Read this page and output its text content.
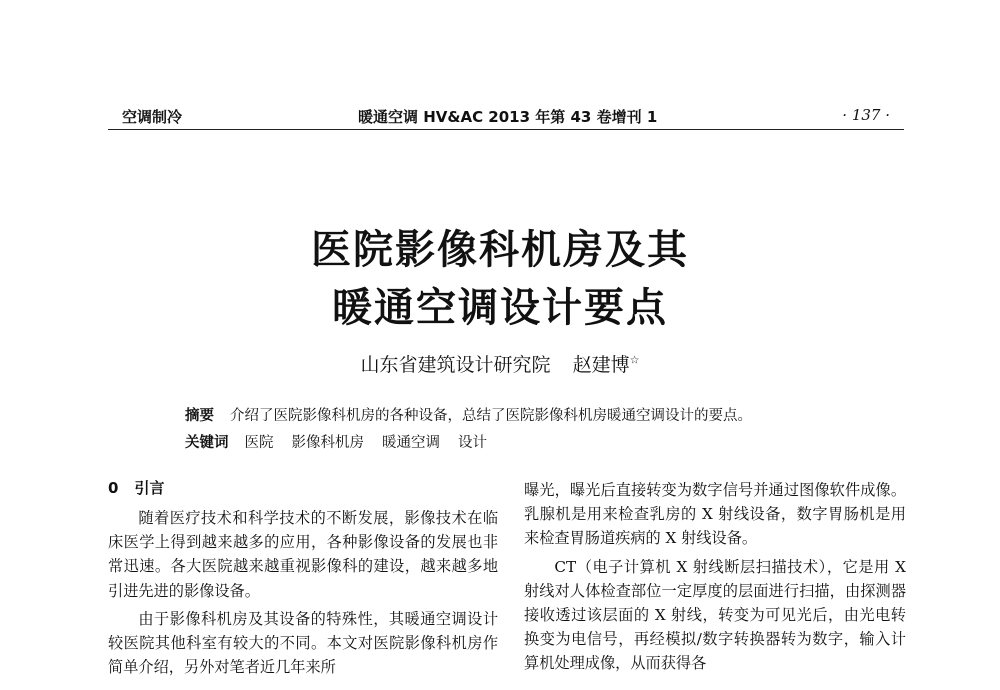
空调制冷	暖通空调 HV&AC 2013 年第 43 卷增刊 1	· 137 ·
医院影像科机房及其
暖通空调设计要点
山东省建筑设计研究院 赵建博☆
摘要 介绍了医院影像科机房的各种设备，总结了医院影像科机房暖通空调设计的要点。
关键词 医院 影像科机房 暖通空调 设计
0 引言

随着医疗技术和科学技术的不断发展，影像技术在临床医学上得到越来越多的应用，各种影像设备的发展也非常迅速。各大医院越来越重视影像科的建设，越来越多地引进先进的影像设备。

由于影像科机房及其设备的特殊性，其暖通空调设计较医院其他科室有较大的不同。本文对医院影像科机房作简单介绍，另外对笔者近几年来所

曝光，曝光后直接转变为数字信号并通过图像软件成像。乳腺机是用来检查乳房的 X 射线设备，数字胃肠机是用来检查胃肠道疾病的 X 射线设备。

CT（电子计算机 X 射线断层扫描技术），它是用 X 射线对人体检查部位一定厚度的层面进行扫描，由探测器接收透过该层面的 X 射线，转变为可见光后，由光电转换变为电信号，再经模拟/数字转换器转为数字，输入计算机处理成像，从而获得各
